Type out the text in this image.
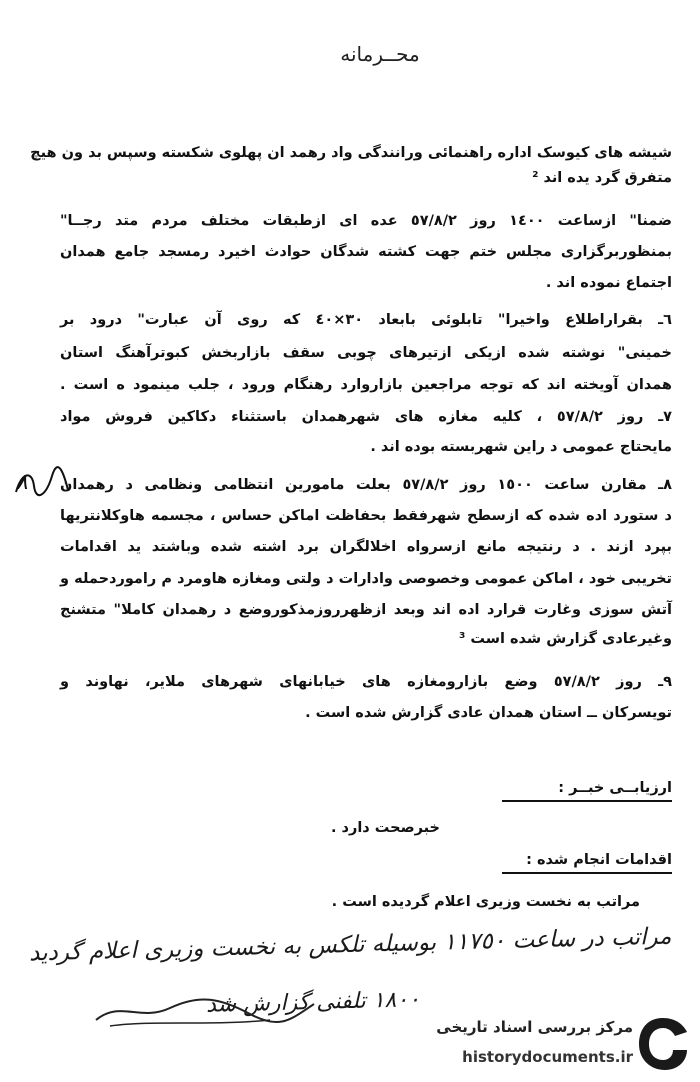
محــرمانه
شیشه های کیوسک اداره راهنمائی ورانندگی واد رهمد ان پهلوی شکسته وسپس بد ون هیچ
متفرق گرد یده اند ²
ضمنا" ازساعت ١٤٠٠ روز ٥٧/٨/٢ عده ای ازطبقات مختلف مردم متد رجــا"
بمنظوربرگزاری مجلس ختم جهت کشته شدگان حوادث اخیرد رمسجد جامع همدان
اجتماع نموده اند .
٦ـ بقراراطلاع واخیرا" تابلوئی بابعاد ٣٠×٤٠ که روی آن عبارت" درود بر
خمینی" نوشته شده ازیکی ازتیرهای چوبی سقف بازاربخش کبوترآهنگ استان
همدان آویخته اند که توجه مراجعین بازاروارد رهنگام ورود ، جلب مینمود ه است .
٧ـ روز ٥٧/٨/٢ ، کلیه مغازه های شهرهمدان باستثناء دکاکین فروش مواد
مایحتاج عمومی د راین شهربسته بوده اند .
٨ـ مقارن ساعت ١٥٠٠ روز ٥٧/٨/٢ بعلت مامورین انتظامی ونظامی د رهمدان
د ستورد اده شده که ازسطح شهرفقط بحفاظت اماکن حساس ، مجسمه هاوکلانتریها
بپرد ازند . د رنتیجه مانع ازسرواه اخلالگران برد اشته شده وباشتد ید اقدامات
تخریبی خود ، اماکن عمومی وخصوصی وادارات د ولتی ومغازه هاومرد م راموردحمله و
آتش سوزی وغارت قرارد اده اند وبعد ازظهرروزمذکوروضع د رهمدان کاملا" متشنج
وغیرعادی گزارش شده است ³
٩ـ روز ٥٧/٨/٢ وضع بازارومغازه های خیابانهای شهرهای ملایر، نهاوند و
تویسرکان ــ استان همدان عادی گزارش شده است .
٨
ارزیابــی خبــر :
خبرصحت دارد .
اقدامات انجام شده :
مراتب به نخست وزیری اعلام گردیده است .
مراتب در ساعت ١١٧٥٠ بوسیله تلکس به نخست وزیری اعلام گردید
١٨٠٠ تلفنی گزارش شد
مرکز بررسی اسناد تاریخی
historydocuments.ir
